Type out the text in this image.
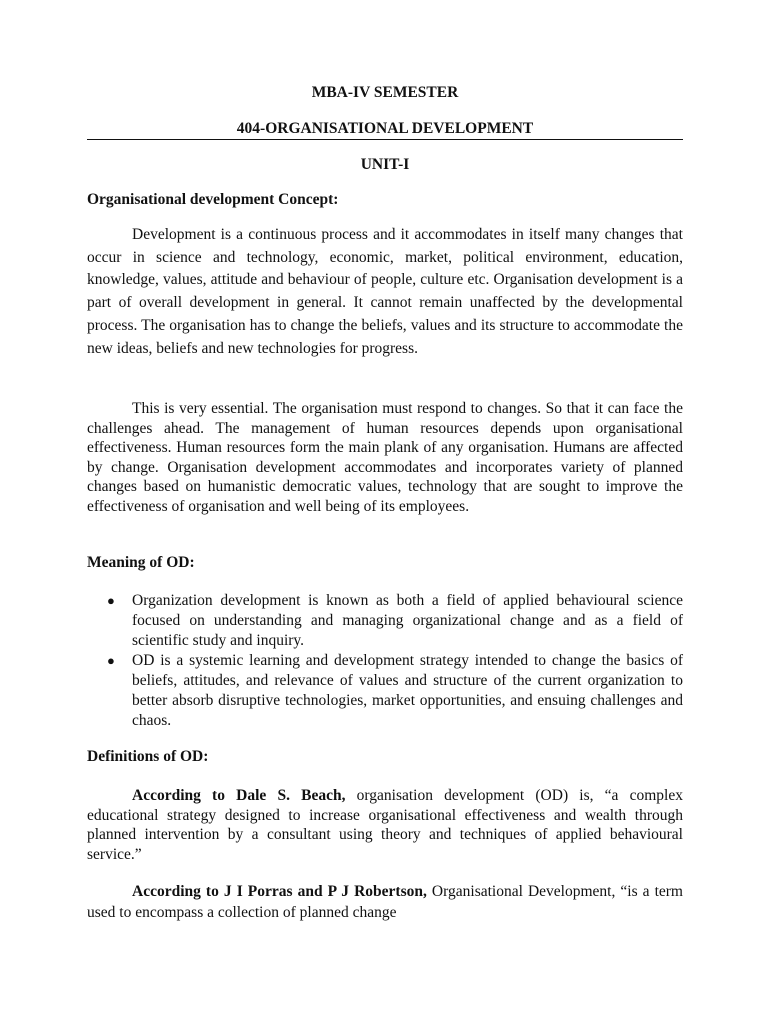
MBA-IV SEMESTER
404-ORGANISATIONAL DEVELOPMENT
UNIT-I

Organisational development Concept:

Development is a continuous process and it accommodates in itself many changes that occur in science and technology, economic, market, political environment, education, knowledge, values, attitude and behaviour of people, culture etc. Organisation development is a part of overall development in general. It cannot remain unaffected by the developmental process. The organisation has to change the beliefs, values and its structure to accommodate the new ideas, beliefs and new technologies for progress.

This is very essential. The organisation must respond to changes. So that it can face the challenges ahead. The management of human resources depends upon organisational effectiveness. Human resources form the main plank of any organisation. Humans are affected by change. Organisation development accommodates and incorporates variety of planned changes based on humanistic democratic values, technology that are sought to improve the effectiveness of organisation and well being of its employees.

Meaning of OD:

● Organization development is known as both a field of applied behavioural science focused on understanding and managing organizational change and as a field of scientific study and inquiry.
● OD is a systemic learning and development strategy intended to change the basics of beliefs, attitudes, and relevance of values and structure of the current organization to better absorb disruptive technologies, market opportunities, and ensuing challenges and chaos.

Definitions of OD:

According to Dale S. Beach, organisation development (OD) is, “a complex educational strategy designed to increase organisational effectiveness and wealth through planned intervention by a consultant using theory and techniques of applied behavioural service.”

According to J I Porras and P J Robertson, Organisational Development, “is a term used to encompass a collection of planned change
